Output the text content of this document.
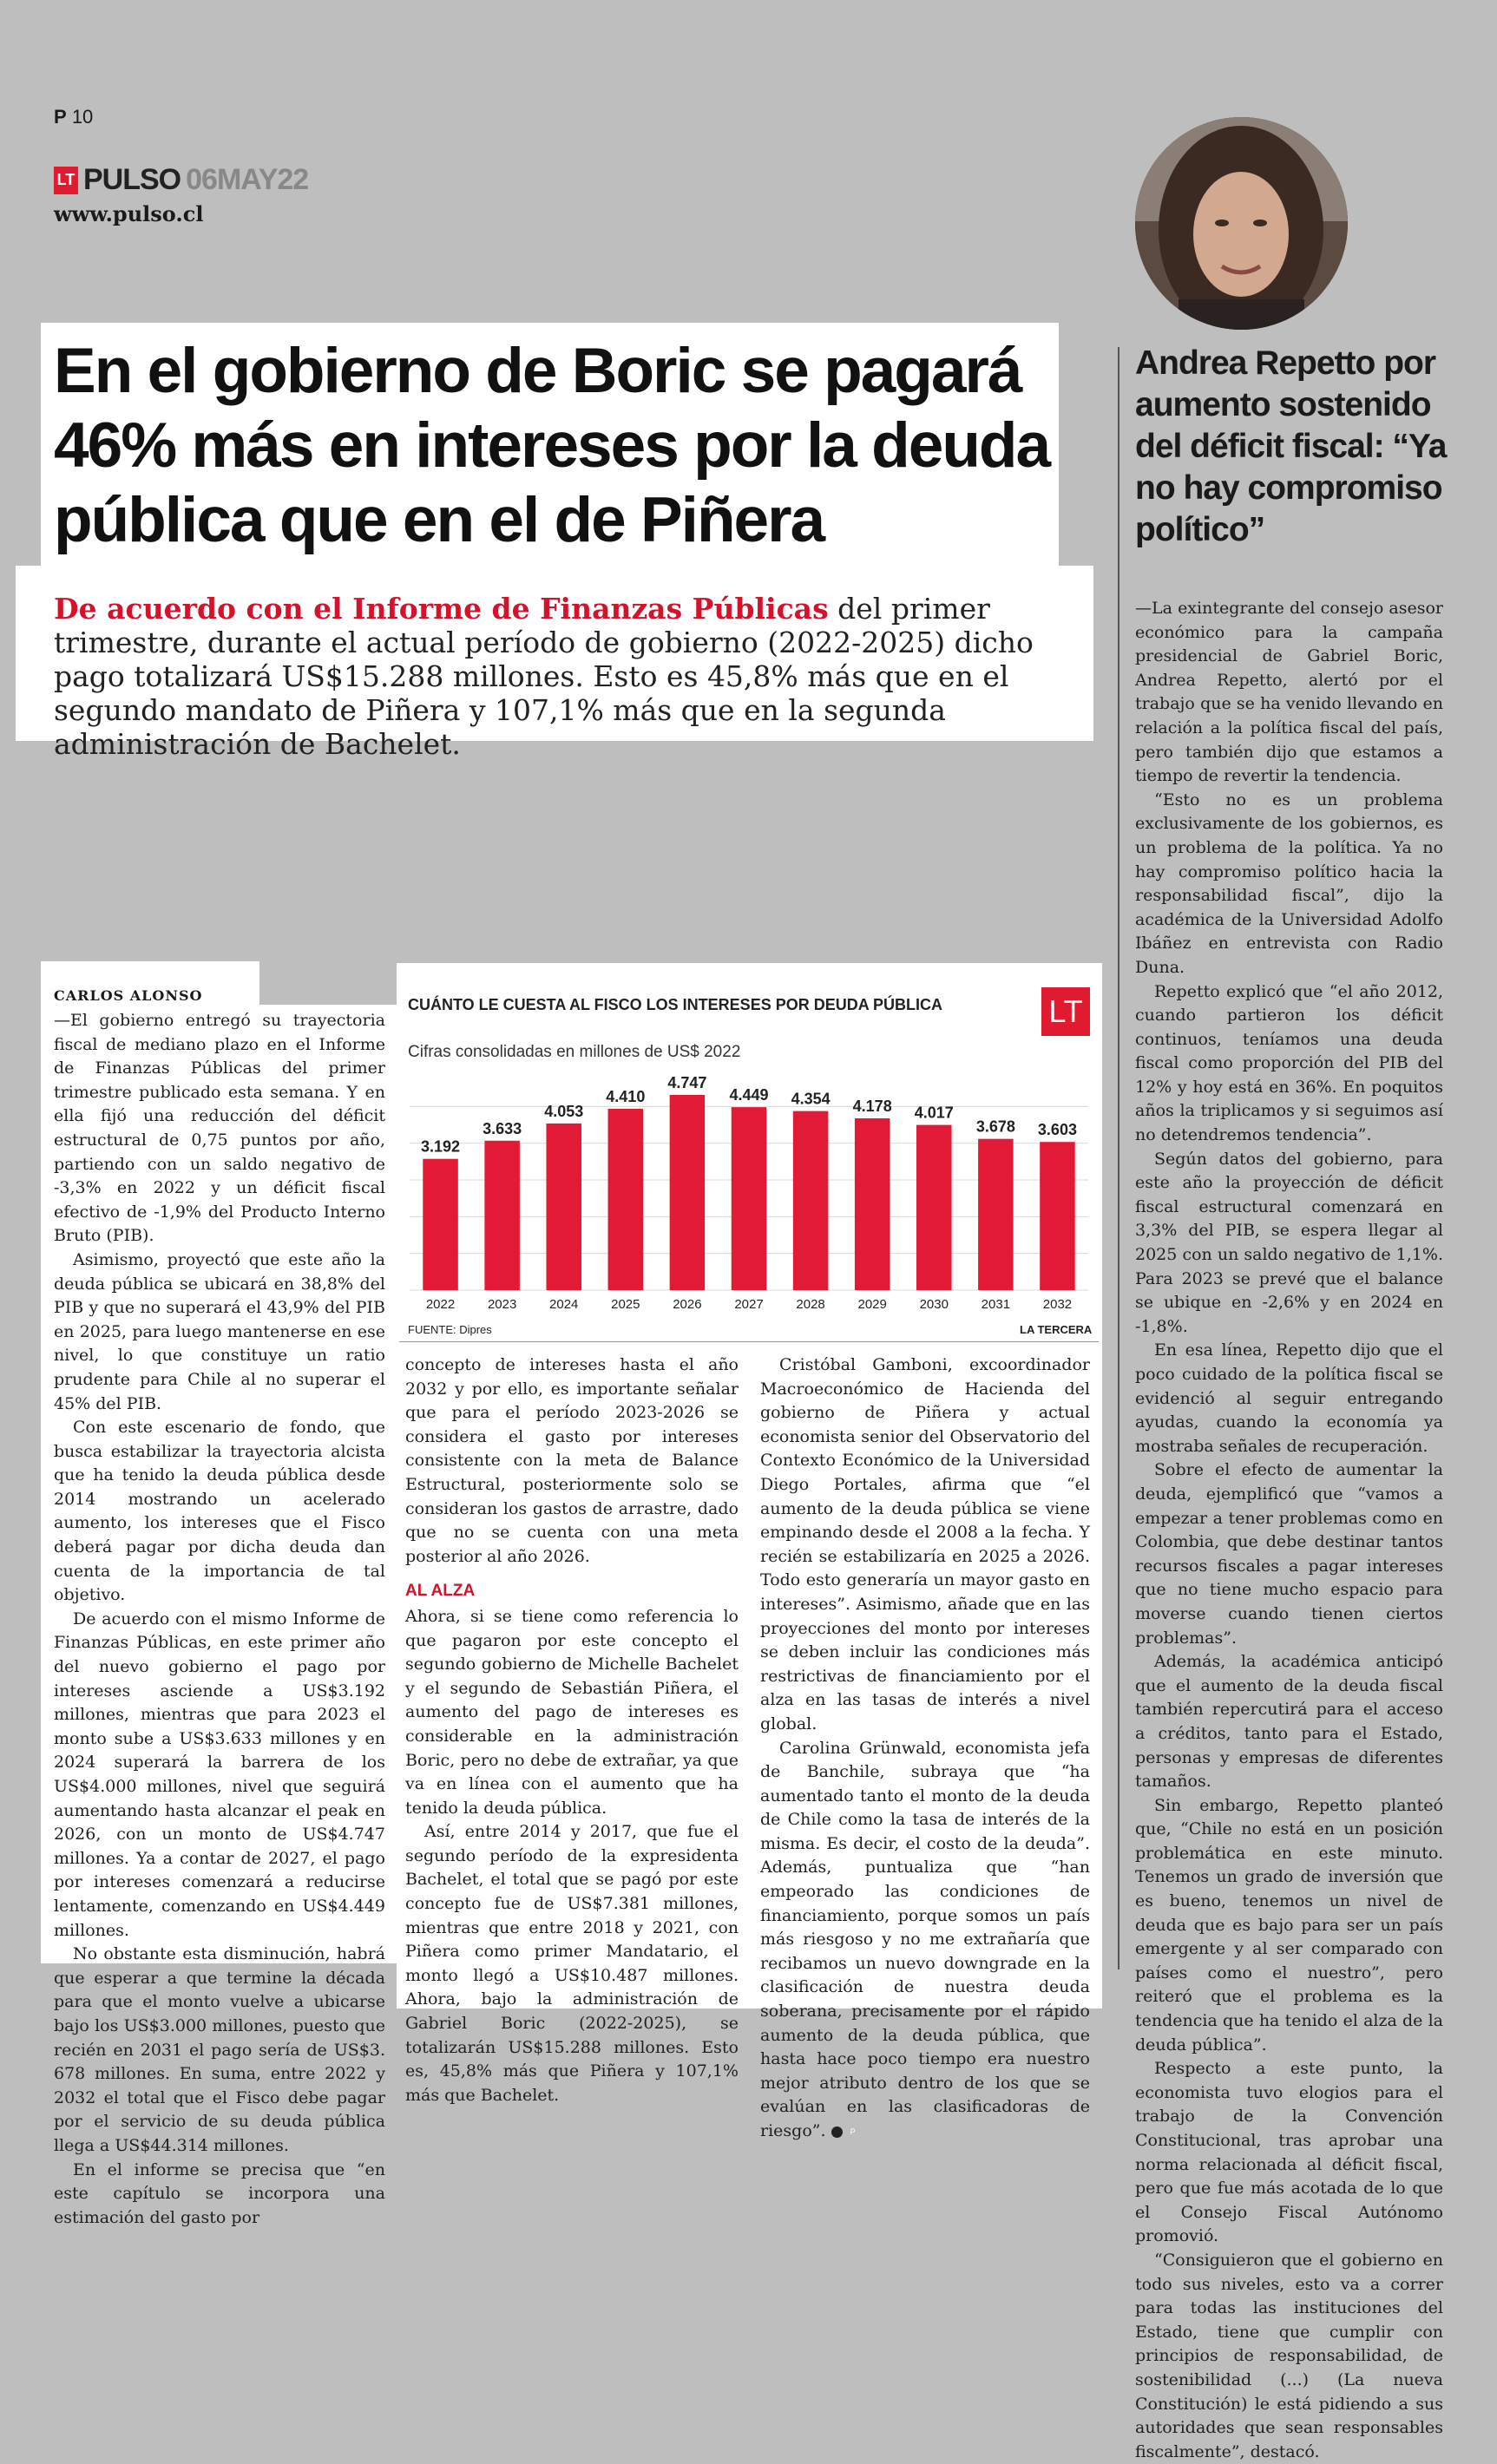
P 10
LT PULSO 06MAY22
www.pulso.cl
En el gobierno de Boric se pagará 46% más en intereses por la deuda pública que en el de Piñera
De acuerdo con el Informe de Finanzas Públicas del primer trimestre, durante el actual período de gobierno (2022-2025) dicho pago totalizará US$15.288 millones. Esto es 45,8% más que en el segundo mandato de Piñera y 107,1% más que en la segunda administración de Bachelet.
Andrea Repetto por aumento sostenido del déficit fiscal: “Ya no hay compromiso político”

—La exintegrante del consejo asesor económico para la campaña presidencial de Gabriel Boric, Andrea Repetto, alertó por el trabajo que se ha venido llevando en relación a la política fiscal del país, pero también dijo que estamos a tiempo de revertir la tendencia.

“Esto no es un problema exclusivamente de los gobiernos, es un problema de la política. Ya no hay compromiso político hacia la responsabilidad fiscal”, dijo la académica de la Universidad Adolfo Ibáñez en entrevista con Radio Duna.

Repetto explicó que “el año 2012, cuando partieron los déficit continuos, teníamos una deuda fiscal como proporción del PIB del 12% y hoy está en 36%. En poquitos años la triplicamos y si seguimos así no detendremos tendencia”.

Según datos del gobierno, para este año la proyección de déficit fiscal estructural comenzará en 3,3% del PIB, se espera llegar al 2025 con un saldo negativo de 1,1%. Para 2023 se prevé que el balance se ubique en -2,6% y en 2024 en -1,8%.

En esa línea, Repetto dijo que el poco cuidado de la política fiscal se evidenció al seguir entregando ayudas, cuando la economía ya mostraba señales de recuperación.

Sobre el efecto de aumentar la deuda, ejemplificó que “vamos a empezar a tener problemas como en Colombia, que debe destinar tantos recursos fiscales a pagar intereses que no tiene mucho espacio para moverse cuando tienen ciertos problemas”.

Además, la académica anticipó que el aumento de la deuda fiscal también repercutirá para el acceso a créditos, tanto para el Estado, personas y empresas de diferentes tamaños.

Sin embargo, Repetto planteó que, “Chile no está en un posición problemática en este minuto. Tenemos un grado de inversión que es bueno, tenemos un nivel de deuda que es bajo para ser un país emergente y al ser comparado con países como el nuestro”, pero reiteró que el problema es la tendencia que ha tenido el alza de la deuda pública”.

Respecto a este punto, la economista tuvo elogios para el trabajo de la Convención Constitucional, tras aprobar una norma relacionada al déficit fiscal, pero que fue más acotada de lo que el Consejo Fiscal Autónomo promovió.

“Consiguieron que el gobierno en todo sus niveles, esto va a correr para todas las instituciones del Estado, tiene que cumplir con principios de responsabilidad, de sostenibilidad (...) (La nueva Constitución) le está pidiendo a sus autoridades que sean responsables fiscalmente”, destacó.

CARLOS ALONSO

—El gobierno entregó su trayectoria fiscal de mediano plazo en el Informe de Finanzas Públicas del primer trimestre publicado esta semana. Y en ella fijó una reducción del déficit estructural de 0,75 puntos por año, partiendo con un saldo negativo de -3,3% en 2022 y un déficit fiscal efectivo de -1,9% del Producto Interno Bruto (PIB).

Asimismo, proyectó que este año la deuda pública se ubicará en 38,8% del PIB y que no superará el 43,9% del PIB en 2025, para luego mantenerse en ese nivel, lo que constituye un ratio prudente para Chile al no superar el 45% del PIB.

Con este escenario de fondo, que busca estabilizar la trayectoria alcista que ha tenido la deuda pública desde 2014 mostrando un acelerado aumento, los intereses que el Fisco deberá pagar por dicha deuda dan cuenta de la importancia de tal objetivo.

De acuerdo con el mismo Informe de Finanzas Públicas, en este primer año del nuevo gobierno el pago por intereses asciende a US$3.192 millones, mientras que para 2023 el monto sube a US$3.633 millones y en 2024 superará la barrera de los US$4.000 millones, nivel que seguirá aumentando hasta alcanzar el peak en 2026, con un monto de US$4.747 millones. Ya a contar de 2027, el pago por intereses comenzará a reducirse lentamente, comenzando en US$4.449 millones.

No obstante esta disminución, habrá que esperar a que termine la década para que el monto vuelve a ubicarse bajo los US$3.000 millones, puesto que recién en 2031 el pago sería de US$3. 678 millones. En suma, entre 2022 y 2032 el total que el Fisco debe pagar por el servicio de su deuda pública llega a US$44.314 millones.

En el informe se precisa que “en este capítulo se incorpora una estimación del gasto por

CUÁNTO LE CUESTA AL FISCO LOS INTERESES POR DEUDA PÚBLICA	LT
Cifras consolidadas en millones de US$ 2022
3.192
2022
3.633
2023
4.053
2024
4.410
2025
4.747
2026
4.449
2027
4.354
2028
4.178
2029
4.017
2030
3.678
2031
3.603
2032
FUENTE: Dipres	LA TERCERA

concepto de intereses hasta el año 2032 y por ello, es importante señalar que para el período 2023-2026 se considera el gasto por intereses consistente con la meta de Balance Estructural, posteriormente solo se consideran los gastos de arrastre, dado que no se cuenta con una meta posterior al año 2026.

AL ALZA

Ahora, si se tiene como referencia lo que pagaron por este concepto el segundo gobierno de Michelle Bachelet y el segundo de Sebastián Piñera, el aumento del pago de intereses es considerable en la administración Boric, pero no debe de extrañar, ya que va en línea con el aumento que ha tenido la deuda pública.

Así, entre 2014 y 2017, que fue el segundo período de la expresidenta Bachelet, el total que se pagó por este concepto fue de US$7.381 millones, mientras que entre 2018 y 2021, con Piñera como primer Mandatario, el monto llegó a US$10.487 millones. Ahora, bajo la administración de Gabriel Boric (2022-2025), se totalizarán US$15.288 millones. Esto es, 45,8% más que Piñera y 107,1% más que Bachelet.

Cristóbal Gamboni, excoordinador Macroeconómico de Hacienda del gobierno de Piñera y actual economista senior del Observatorio del Contexto Económico de la Universidad Diego Portales, afirma que “el aumento de la deuda pública se viene empinando desde el 2008 a la fecha. Y recién se estabilizaría en 2025 a 2026. Todo esto generaría un mayor gasto en intereses”. Asimismo, añade que en las proyecciones del monto por intereses se deben incluir las condiciones más restrictivas de financiamiento por el alza en las tasas de interés a nivel global.

Carolina Grünwald, economista jefa de Banchile, subraya que “ha aumentado tanto el monto de la deuda de Chile como la tasa de interés de la misma. Es decir, el costo de la deuda”. Además, puntualiza que “han empeorado las condiciones de financiamiento, porque somos un país más riesgoso y no me extrañaría que recibamos un nuevo downgrade en la clasificación de nuestra deuda soberana, precisamente por el rápido aumento de la deuda pública, que hasta hace poco tiempo era nuestro mejor atributo dentro de los que se evalúan en las clasificadoras de riesgo”.	P
